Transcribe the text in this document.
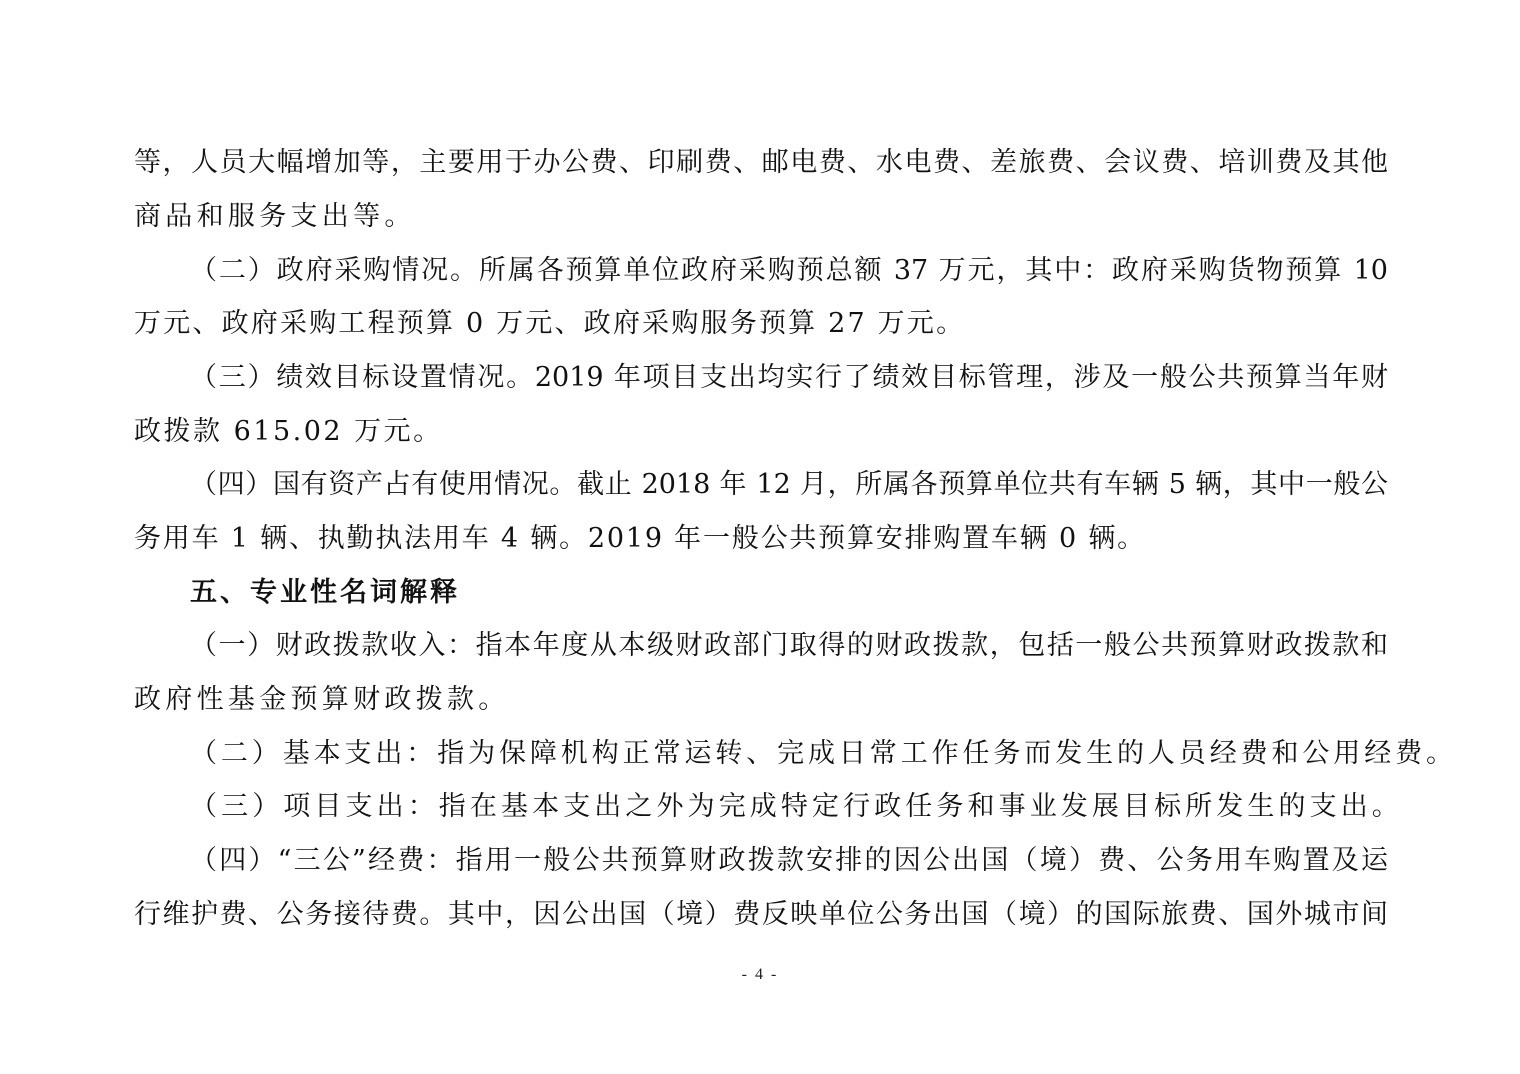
等，人员大幅增加等，主要用于办公费、印刷费、邮电费、水电费、差旅费、会议费、培训费及其他
商品和服务支出等。
（二）政府采购情况。所属各预算单位政府采购预总额 37 万元，其中：政府采购货物预算 10
万元、政府采购工程预算 0 万元、政府采购服务预算 27 万元。
（三）绩效目标设置情况。2019 年项目支出均实行了绩效目标管理，涉及一般公共预算当年财
政拨款 615.02 万元。
（四）国有资产占有使用情况。截止 2018 年 12 月，所属各预算单位共有车辆 5 辆，其中一般公
务用车 1 辆、执勤执法用车 4 辆。2019 年一般公共预算安排购置车辆 0 辆。
五、专业性名词解释
（一）财政拨款收入：指本年度从本级财政部门取得的财政拨款，包括一般公共预算财政拨款和
政府性基金预算财政拨款。
（二）基本支出：指为保障机构正常运转、完成日常工作任务而发生的人员经费和公用经费。
（三）项目支出：指在基本支出之外为完成特定行政任务和事业发展目标所发生的支出。
（四）“三公”经费：指用一般公共预算财政拨款安排的因公出国（境）费、公务用车购置及运
行维护费、公务接待费。其中，因公出国（境）费反映单位公务出国（境）的国际旅费、国外城市间
- 4 -
